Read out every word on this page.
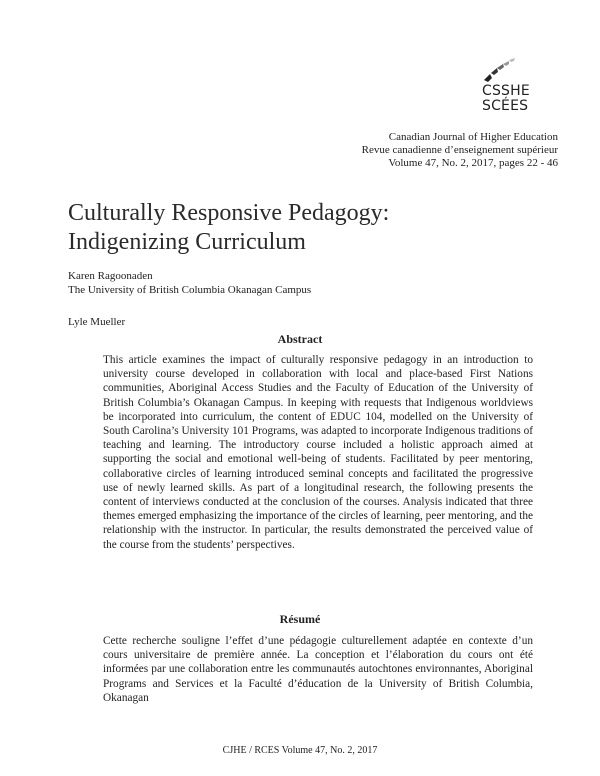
CSSHE
SCÉES
Canadian Journal of Higher Education
Revue canadienne d’enseignement supérieur
Volume 47, No. 2, 2017, pages 22 - 46
Culturally Responsive Pedagogy:
Indigenizing Curriculum
Karen Ragoonaden
The University of British Columbia Okanagan Campus
Lyle Mueller
Abstract
This article examines the impact of culturally responsive pedagogy in an introduction to university course developed in collaboration with local and place-based First Nations communities, Aboriginal Access Studies and the Faculty of Education of the University of British Columbia’s Okanagan Campus. In keeping with requests that Indigenous worldviews be incorporated into curriculum, the content of EDUC 104, modelled on the University of South Carolina’s University 101 Programs, was adapted to incorporate Indigenous traditions of teaching and learning. The introductory course included a holistic approach aimed at supporting the social and emotional well-being of students. Facilitated by peer mentoring, collaborative circles of learning introduced seminal concepts and facilitated the progressive use of newly learned skills. As part of a longitudinal research, the following presents the content of interviews conducted at the conclusion of the courses. Analysis indicated that three themes emerged emphasizing the importance of the circles of learning, peer mentoring, and the relationship with the instructor. In particular, the results demonstrated the perceived value of the course from the students’ perspectives.
Résumé
Cette recherche souligne l’effet d’une pédagogie culturellement adaptée en contexte d’un cours universitaire de première année. La conception et l’élaboration du cours ont été informées par une collaboration entre les communautés autochtones environnantes, Aboriginal Programs and Services et la Faculté d’éducation de la University of British Columbia, Okanagan
CJHE / RCES Volume 47, No. 2, 2017
